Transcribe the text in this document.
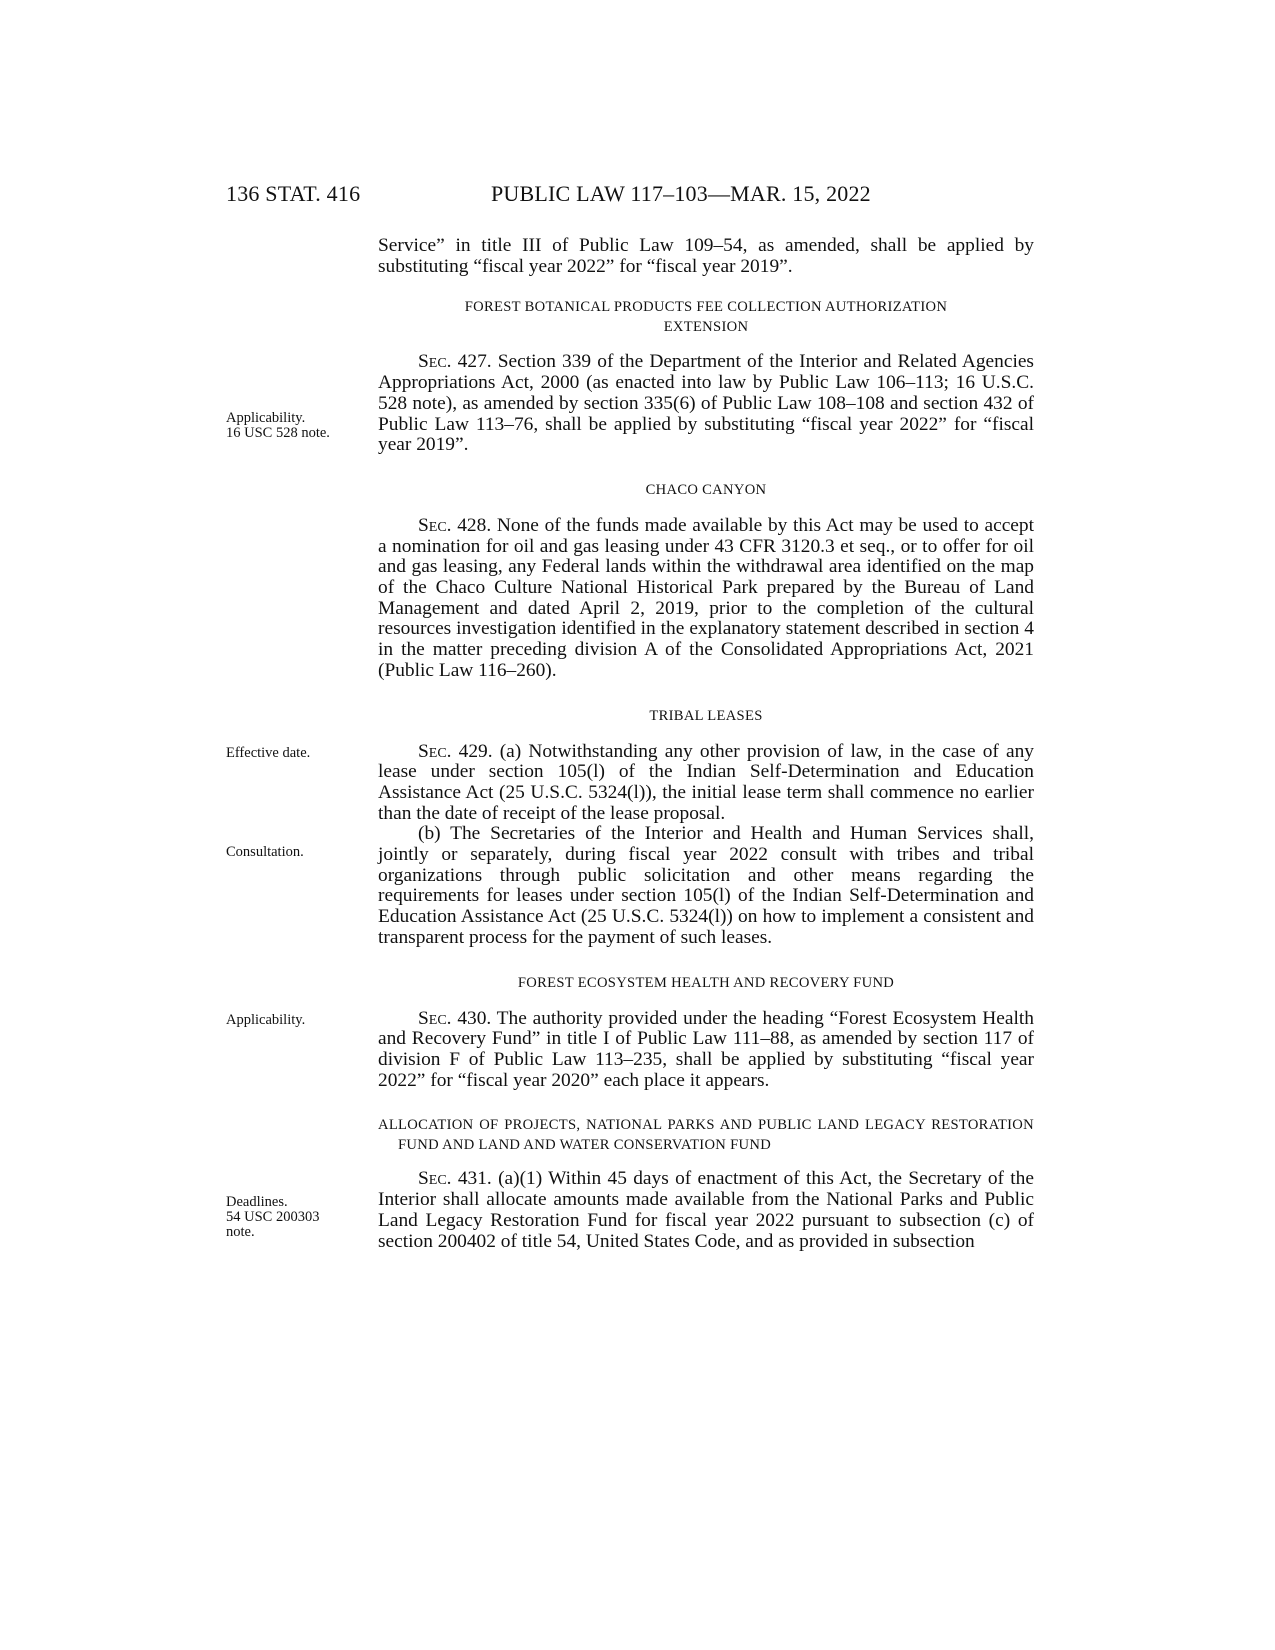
136 STAT. 416	PUBLIC LAW 117–103—MAR. 15, 2022

Service” in title III of Public Law 109–54, as amended, shall be applied by substituting “fiscal year 2022” for “fiscal year 2019”.

FOREST BOTANICAL PRODUCTS FEE COLLECTION AUTHORIZATION
EXTENSION
Applicability.
16 USC 528 note.

Sec. 427. Section 339 of the Department of the Interior and Related Agencies Appropriations Act, 2000 (as enacted into law by Public Law 106–113; 16 U.S.C. 528 note), as amended by section 335(6) of Public Law 108–108 and section 432 of Public Law 113–76, shall be applied by substituting “fiscal year 2022” for “fiscal year 2019”.

CHACO CANYON

Sec. 428. None of the funds made available by this Act may be used to accept a nomination for oil and gas leasing under 43 CFR 3120.3 et seq., or to offer for oil and gas leasing, any Federal lands within the withdrawal area identified on the map of the Chaco Culture National Historical Park prepared by the Bureau of Land Management and dated April 2, 2019, prior to the completion of the cultural resources investigation identified in the explanatory statement described in section 4 in the matter preceding division A of the Consolidated Appropriations Act, 2021 (Public Law 116–260).

TRIBAL LEASES
Effective date.
Consultation.

Sec. 429. (a) Notwithstanding any other provision of law, in the case of any lease under section 105(l) of the Indian Self-Determination and Education Assistance Act (25 U.S.C. 5324(l)), the initial lease term shall commence no earlier than the date of receipt of the lease proposal.

(b) The Secretaries of the Interior and Health and Human Services shall, jointly or separately, during fiscal year 2022 consult with tribes and tribal organizations through public solicitation and other means regarding the requirements for leases under section 105(l) of the Indian Self-Determination and Education Assistance Act (25 U.S.C. 5324(l)) on how to implement a consistent and transparent process for the payment of such leases.

FOREST ECOSYSTEM HEALTH AND RECOVERY FUND
Applicability.	Sec. 430. The authority provided under the heading “Forest Ecosystem Health and Recovery Fund” in title I of Public Law 111–88, as amended by section 117 of division F of Public Law 113–235, shall be applied by substituting “fiscal year 2022” for “fiscal year 2020” each place it appears.

ALLOCATION OF PROJECTS, NATIONAL PARKS AND PUBLIC LAND LEGACY RESTORATION FUND AND LAND AND WATER CONSERVATION FUND
Deadlines.
54 USC 200303
note.

Sec. 431. (a)(1) Within 45 days of enactment of this Act, the Secretary of the Interior shall allocate amounts made available from the National Parks and Public Land Legacy Restoration Fund for fiscal year 2022 pursuant to subsection (c) of section 200402 of title 54, United States Code, and as provided in subsection
